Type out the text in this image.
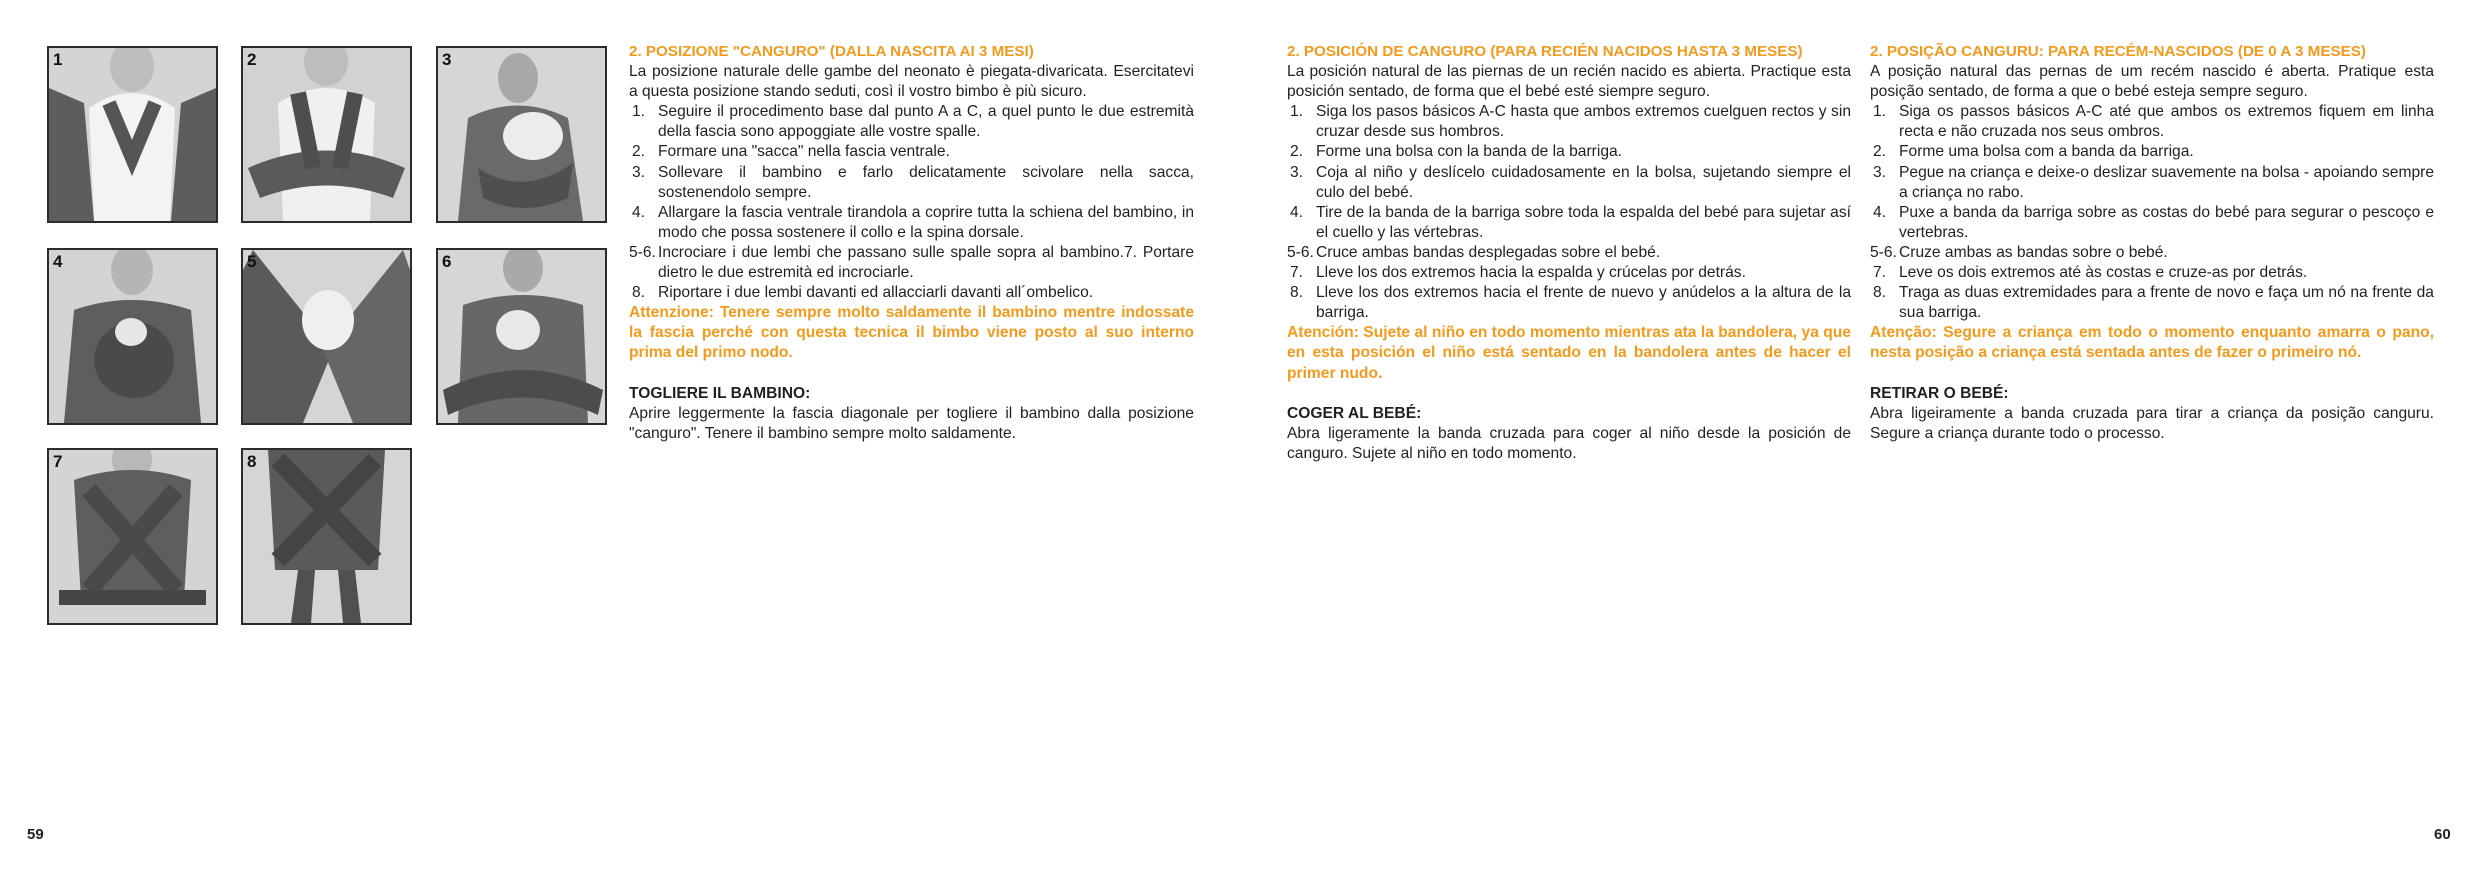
1	2	3
4	5	6
7	8
2. POSIZIONE "CANGURO" (DALLA NASCITA AI 3 MESI)

La posizione naturale delle gambe del neonato è piegata-divaricata. Esercitatevi a questa posizione stando seduti, così il vostro bimbo è più sicuro.

1. Seguire il procedimento base dal punto A a C, a quel punto le due estremità della fascia sono appoggiate alle vostre spalle.
2. Formare una "sacca" nella fascia ventrale.
3. Sollevare il bambino e farlo delicatamente scivolare nella sacca, sostenendolo sempre.
4. Allargare la fascia ventrale tirandola a coprire tutta la schiena del bambino, in modo che possa sostenere il collo e la spina dorsale.
5-6. Incrociare i due lembi che passano sulle spalle sopra al bambino.7. Portare dietro le due estremità ed incrociarle.
8. Riportare i due lembi davanti ed allacciarli davanti all´ombelico.
Attenzione: Tenere sempre molto saldamente il bambino mentre indossate la fascia perché con questa tecnica il bimbo viene posto al suo interno prima del primo nodo.
TOGLIERE IL BAMBINO:

Aprire leggermente la fascia diagonale per togliere il bambino dalla posizione "canguro". Tenere il bambino sempre molto saldamente.

2. POSICIÓN DE CANGURO (PARA RECIÉN NACIDOS HASTA 3 MESES)

La posición natural de las piernas de un recién nacido es abierta. Practique esta posición sentado, de forma que el bebé esté siempre seguro.

1. Siga los pasos básicos A-C hasta que ambos extremos cuelguen rectos y sin cruzar desde sus hombros.
2. Forme una bolsa con la banda de la barriga.
3. Coja al niño y deslícelo cuidadosamente en la bolsa, sujetando siempre el culo del bebé.
4. Tire de la banda de la barriga sobre toda la espalda del bebé para sujetar así el cuello y las vértebras.
5-6. Cruce ambas bandas desplegadas sobre el bebé.
7. Lleve los dos extremos hacia la espalda y crúcelas por detrás.
8. Lleve los dos extremos hacia el frente de nuevo y anúdelos a la altura de la barriga.
Atención: Sujete al niño en todo momento mientras ata la bandolera, ya que en esta posición el niño está sentado en la bandolera antes de hacer el primer nudo.
COGER AL BEBÉ:

Abra ligeramente la banda cruzada para coger al niño desde la posición de canguro. Sujete al niño en todo momento.

2. POSIÇÃO CANGURU: PARA RECÉM-NASCIDOS (DE 0 A 3 MESES)

A posição natural das pernas de um recém nascido é aberta. Pratique esta posição sentado, de forma a que o bebé esteja sempre seguro.

1. Siga os passos básicos A-C até que ambos os extremos fiquem em linha recta e não cruzada nos seus ombros.
2. Forme uma bolsa com a banda da barriga.
3. Pegue na criança e deixe-o deslizar suavemente na bolsa - apoiando sempre a criança no rabo.
4. Puxe a banda da barriga sobre as costas do bebé para segurar o pescoço e vertebras.
5-6. Cruze ambas as bandas sobre o bebé.
7. Leve os dois extremos até às costas e cruze-as por detrás.
8. Traga as duas extremidades para a frente de novo e faça um nó na frente da sua barriga.
Atenção: Segure a criança em todo o momento enquanto amarra o pano, nesta posição a criança está sentada antes de fazer o primeiro nó.
RETIRAR O BEBÉ:

Abra ligeiramente a banda cruzada para tirar a criança da posição canguru. Segure a criança durante todo o processo.

59	60
